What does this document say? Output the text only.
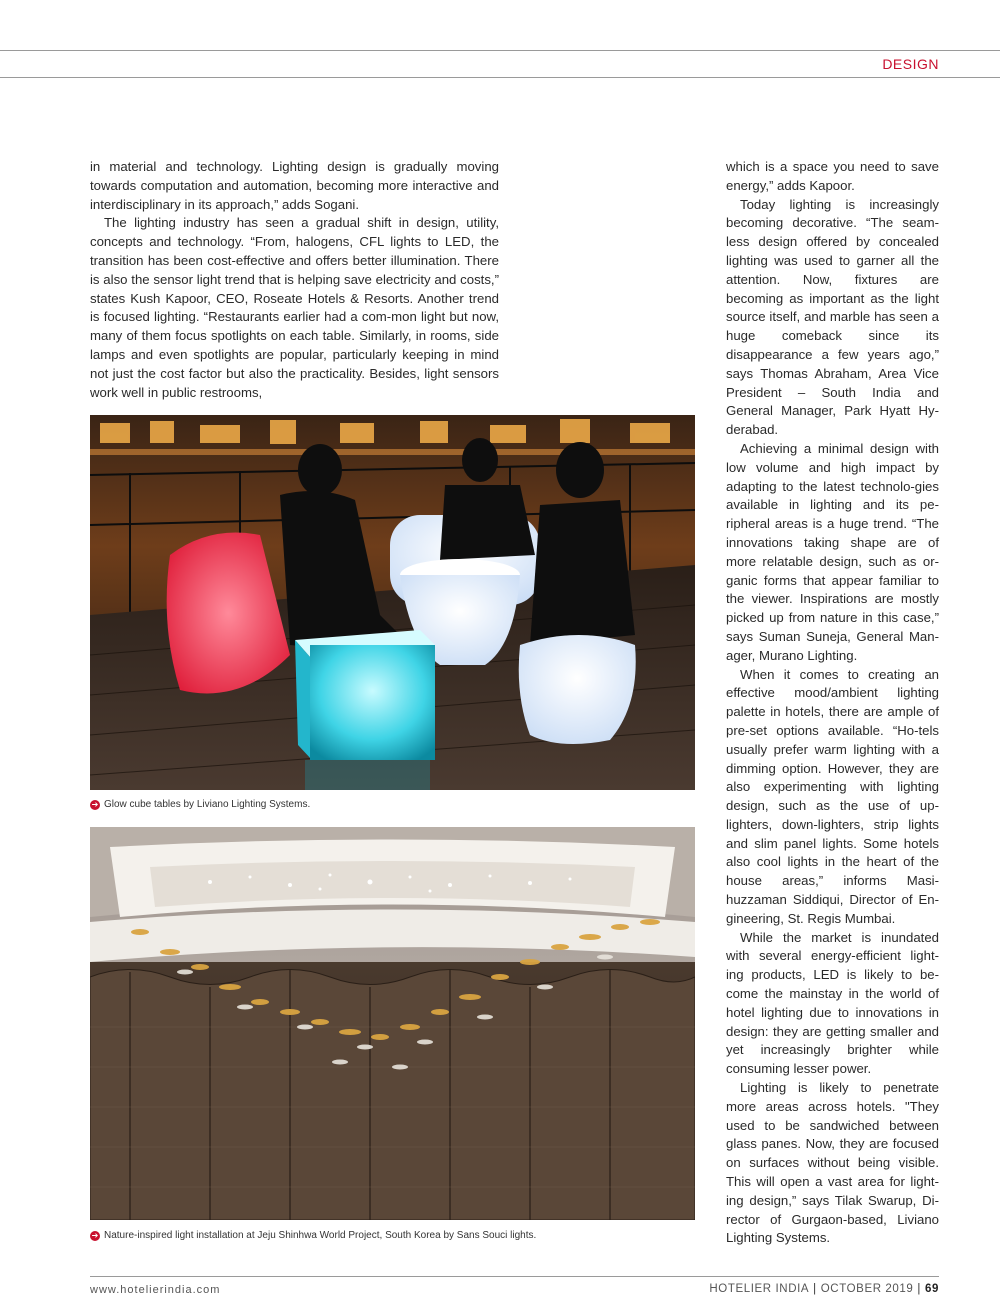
DESIGN

in material and technology. Lighting design is gradually moving towards computation and automation, becoming more interactive and interdisciplinary in its approach,” adds Sogani.

The lighting industry has seen a gradual shift in design, utility, concepts and technology. “From, halogens, CFL lights to LED, the transition has been cost-effective and offers better illumination. There is also the sensor light trend that is helping save electricity and costs,” states Kush Kapoor, CEO, Roseate Hotels & Resorts. Another trend is focused lighting. “Restaurants earlier had a com-mon light but now, many of them focus spotlights on each table. Similarly, in rooms, side lamps and even spotlights are popular, particularly keeping in mind not just the cost factor but also the practicality. Besides, light sensors work well in public restrooms,

➔ Glow cube tables by Liviano Lighting Systems.
➔ Nature-inspired light installation at Jeju Shinhwa World Project, South Korea by Sans Souci lights.

which is a space you need to save energy,” adds Kapoor.

Today lighting is increasingly becoming decorative. “The seam-less design offered by concealed lighting was used to garner all the attention. Now, fixtures are becoming as important as the light source itself, and marble has seen a huge comeback since its disappearance a few years ago,” says Thomas Abraham, Area Vice President – South India and General Manager, Park Hyatt Hy-derabad.

Achieving a minimal design with low volume and high impact by adapting to the latest technolo-gies available in lighting and its pe-ripheral areas is a huge trend. “The innovations taking shape are of more relatable design, such as or-ganic forms that appear familiar to the viewer. Inspirations are mostly picked up from nature in this case,” says Suman Suneja, General Man-ager, Murano Lighting.

When it comes to creating an effective mood/ambient lighting palette in hotels, there are ample of pre-set options available. “Ho-tels usually prefer warm lighting with a dimming option. However, they are also experimenting with lighting design, such as the use of up-lighters, down-lighters, strip lights and slim panel lights. Some hotels also cool lights in the heart of the house areas,” informs Masi-huzzaman Siddiqui, Director of En-gineering, St. Regis Mumbai.

While the market is inundated with several energy-efficient light-ing products, LED is likely to be-come the mainstay in the world of hotel lighting due to innovations in design: they are getting smaller and yet increasingly brighter while consuming lesser power.

Lighting is likely to penetrate more areas across hotels. "They used to be sandwiched between glass panes. Now, they are focused on surfaces without being visible. This will open a vast area for light-ing design,” says Tilak Swarup, Di-rector of Gurgaon-based, Liviano Lighting Systems.

www.hotelierindia.com	HOTELIER INDIA | OCTOBER 2019 | 69
